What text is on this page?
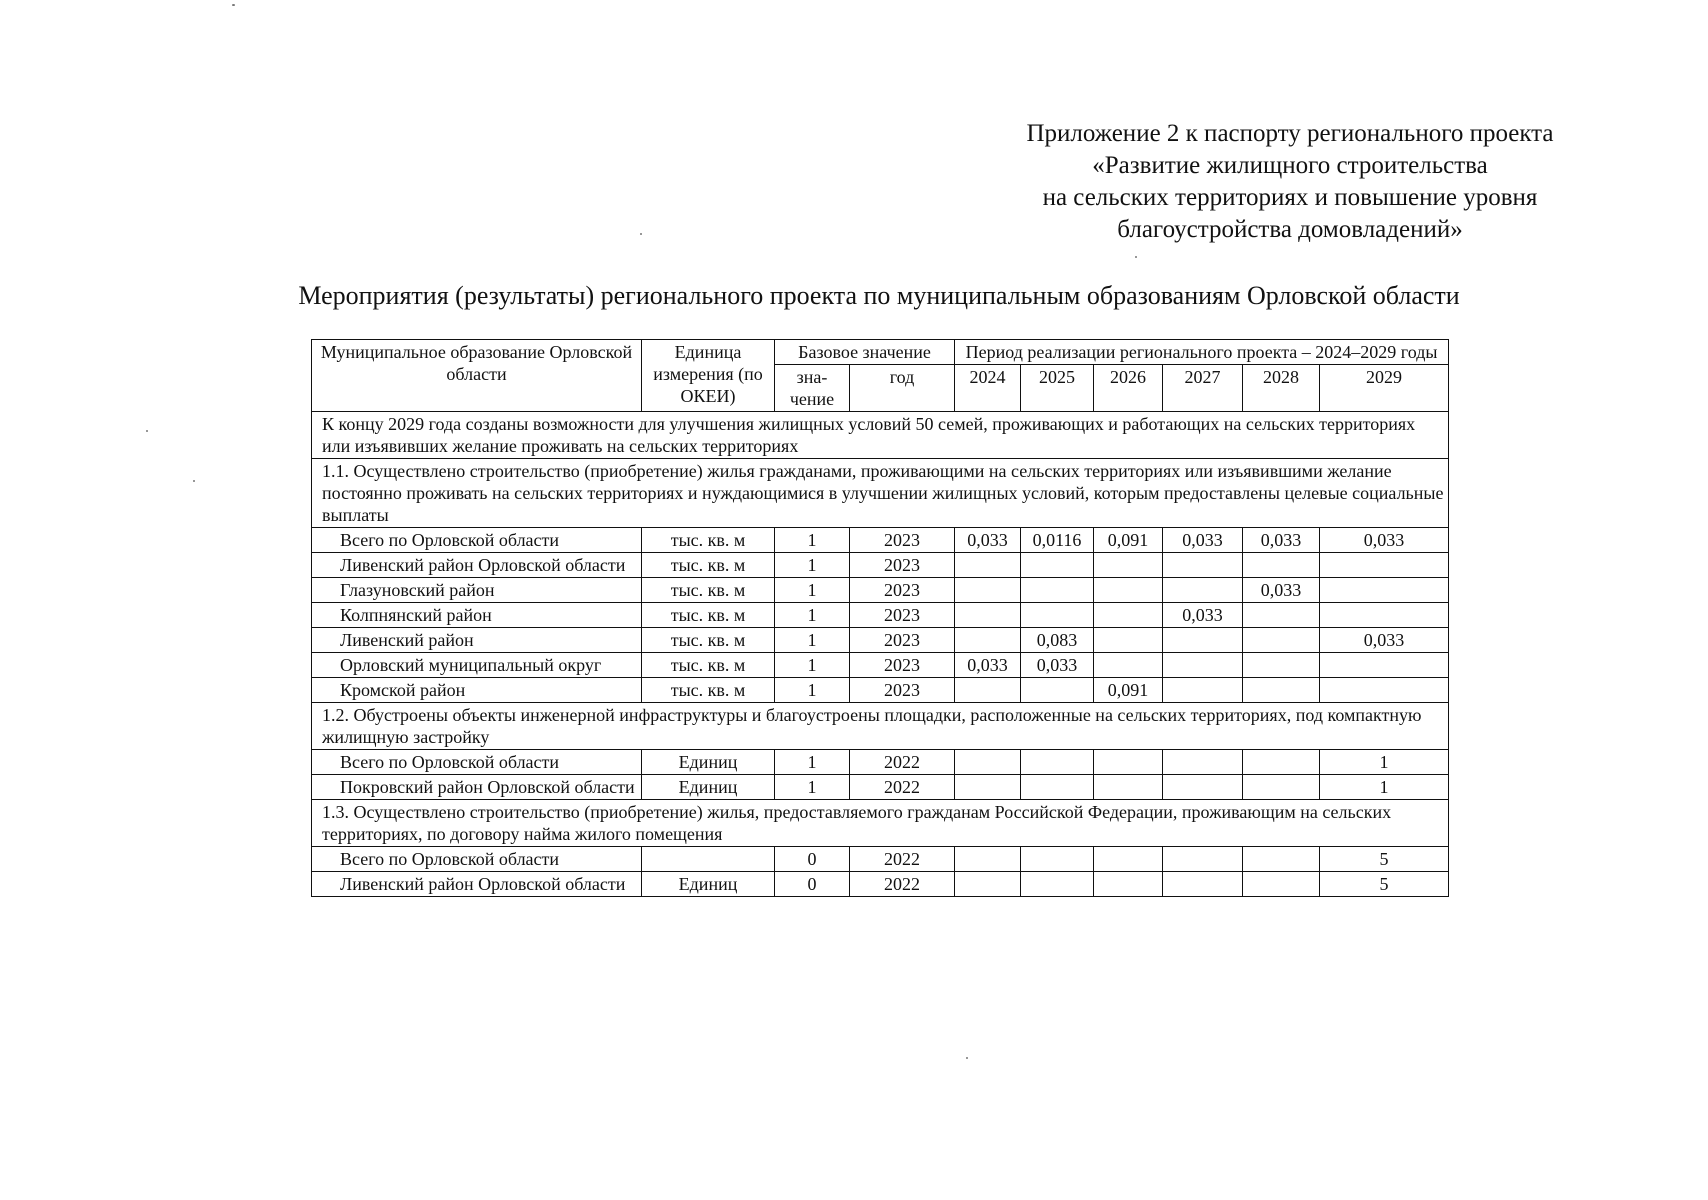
Приложение 2 к паспорту регионального проекта
«Развитие жилищного строительства
на сельских территориях и повышение уровня
благоустройства домовладений»
Мероприятия (результаты) регионального проекта по муниципальным образованиям Орловской области
Муниципальное образование Орловской области	Единица измерения (по ОКЕИ)	Базовое значение		Период реализации регионального проекта – 2024–2029 годы					

		зна-чение	год	2024	2025	2026	2027	2028	2029
К концу 2029 года созданы возможности для улучшения жилищных условий 50 семей, проживающих и работающих на сельских территориях или изъявивших желание проживать на сельских территориях									
1.1. Осуществлено строительство (приобретение) жилья гражданами, проживающими на сельских территориях или изъявившими желание постоянно проживать на сельских территориях и нуждающимися в улучшении жилищных условий, которым предоставлены целевые социальные выплаты									
Всего по Орловской области	тыс. кв. м	1	2023	0,033	0,0116	0,091	0,033	0,033	0,033
Ливенский район Орловской области	тыс. кв. м	1	2023						
Глазуновский район	тыс. кв. м	1	2023					0,033	
Колпнянский район	тыс. кв. м	1	2023				0,033		
Ливенский район	тыс. кв. м	1	2023		0,083				0,033
Орловский муниципальный округ	тыс. кв. м	1	2023	0,033	0,033				
Кромской район	тыс. кв. м	1	2023			0,091			
1.2. Обустроены объекты инженерной инфраструктуры и благоустроены площадки, расположенные на сельских территориях, под компактную жилищную застройку									
Всего по Орловской области	Единиц	1	2022						1
Покровский район Орловской области	Единиц	1	2022						1
1.3. Осуществлено строительство (приобретение) жилья, предоставляемого гражданам Российской Федерации, проживающим на сельских территориях, по договору найма жилого помещения									
Всего по Орловской области		0	2022						5
Ливенский район Орловской области	Единиц	0	2022						5
